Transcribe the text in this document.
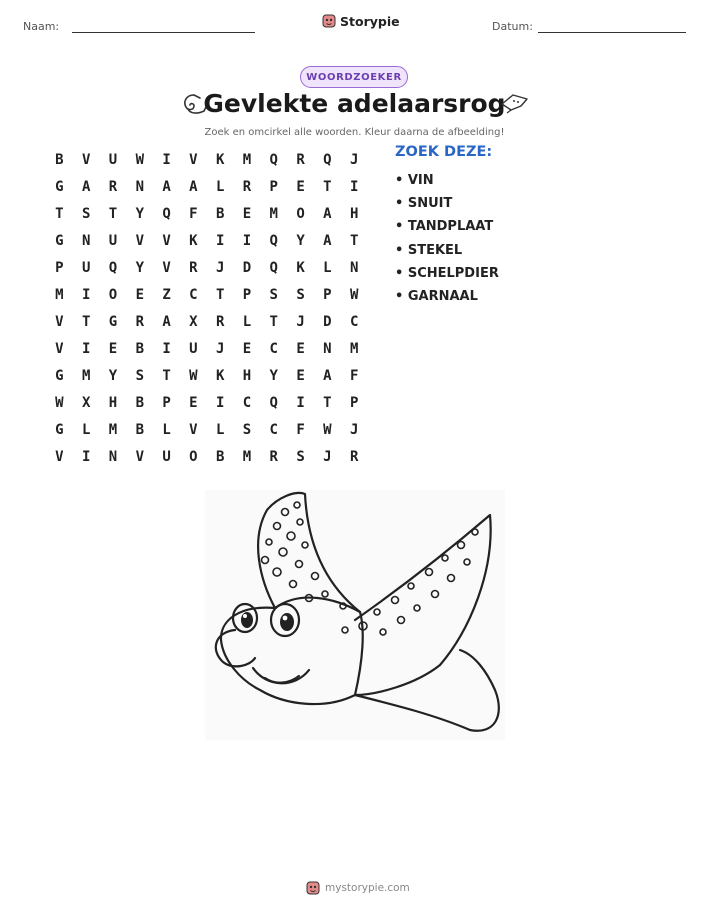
Naam:	Storypie	Datum:
WOORDZOEKER
Gevlekte adelaarsrog
Zoek en omcirkel alle woorden. Kleur daarna de afbeelding!
B	V	U	W	I	V	K	M	Q	R	Q	J
G	A	R	N	A	A	L	R	P	E	T	I
T	S	T	Y	Q	F	B	E	M	O	A	H
G	N	U	V	V	K	I	I	Q	Y	A	T
P	U	Q	Y	V	R	J	D	Q	K	L	N
M	I	O	E	Z	C	T	P	S	S	P	W
V	T	G	R	A	X	R	L	T	J	D	C
V	I	E	B	I	U	J	E	C	E	N	M
G	M	Y	S	T	W	K	H	Y	E	A	F
W	X	H	B	P	E	I	C	Q	I	T	P
G	L	M	B	L	V	L	S	C	F	W	J
V	I	N	V	U	O	B	M	R	S	J	R
ZOEK DEZE:
• VIN
• SNUIT
• TANDPLAAT
• STEKEL
• SCHELPDIER
• GARNAAL
mystorypie.com
